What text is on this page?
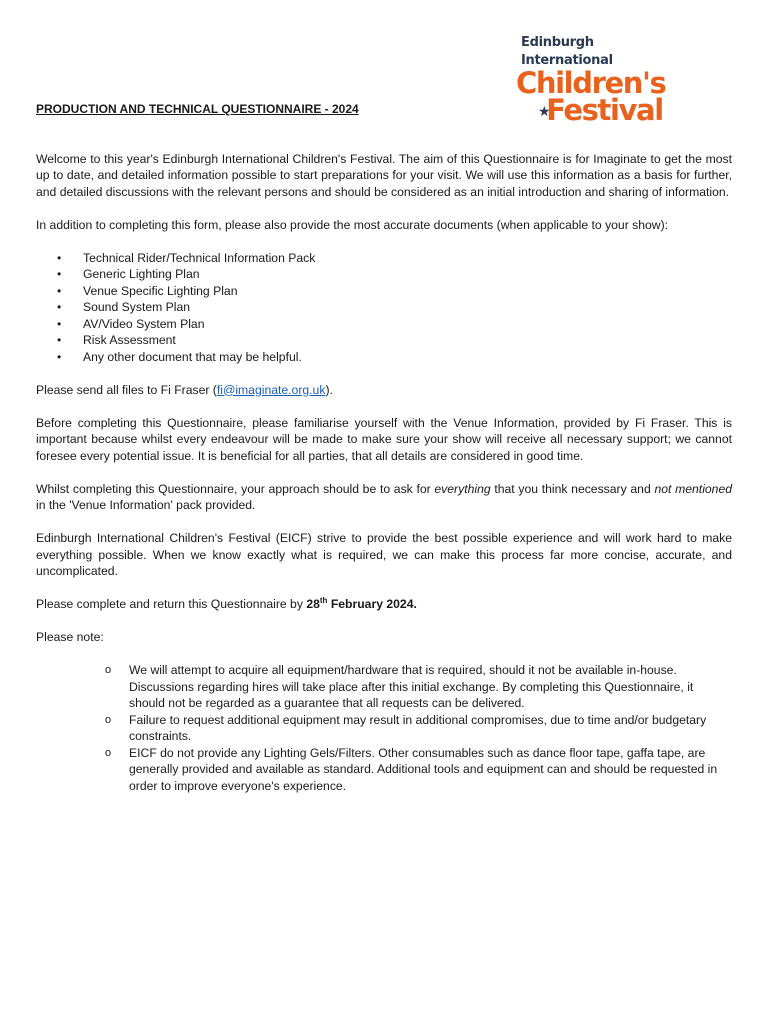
Edinburgh International
Children's
★Festival

PRODUCTION AND TECHNICAL QUESTIONNAIRE - 2024

Welcome to this year's Edinburgh International Children's Festival. The aim of this Questionnaire is for Imaginate to get the most up to date, and detailed information possible to start preparations for your visit. We will use this information as a basis for further, and detailed discussions with the relevant persons and should be considered as an initial introduction and sharing of information.

In addition to completing this form, please also provide the most accurate documents (when applicable to your show):

• Technical Rider/Technical Information Pack
• Generic Lighting Plan
• Venue Specific Lighting Plan
• Sound System Plan
• AV/Video System Plan
• Risk Assessment
• Any other document that may be helpful.

Please send all files to Fi Fraser (fi@imaginate.org.uk).

Before completing this Questionnaire, please familiarise yourself with the Venue Information, provided by Fi Fraser. This is important because whilst every endeavour will be made to make sure your show will receive all necessary support; we cannot foresee every potential issue. It is beneficial for all parties, that all details are considered in good time.

Whilst completing this Questionnaire, your approach should be to ask for everything that you think necessary and not mentioned in the 'Venue Information' pack provided.

Edinburgh International Children's Festival (EICF) strive to provide the best possible experience and will work hard to make everything possible. When we know exactly what is required, we can make this process far more concise, accurate, and uncomplicated.

Please complete and return this Questionnaire by 28th February 2024.

Please note:

o We will attempt to acquire all equipment/hardware that is required, should it not be available in-house. Discussions regarding hires will take place after this initial exchange. By completing this Questionnaire, it should not be regarded as a guarantee that all requests can be delivered.
o Failure to request additional equipment may result in additional compromises, due to time and/or budgetary constraints.
o EICF do not provide any Lighting Gels/Filters. Other consumables such as dance floor tape, gaffa tape, are generally provided and available as standard. Additional tools and equipment can and should be requested in order to improve everyone's experience.
